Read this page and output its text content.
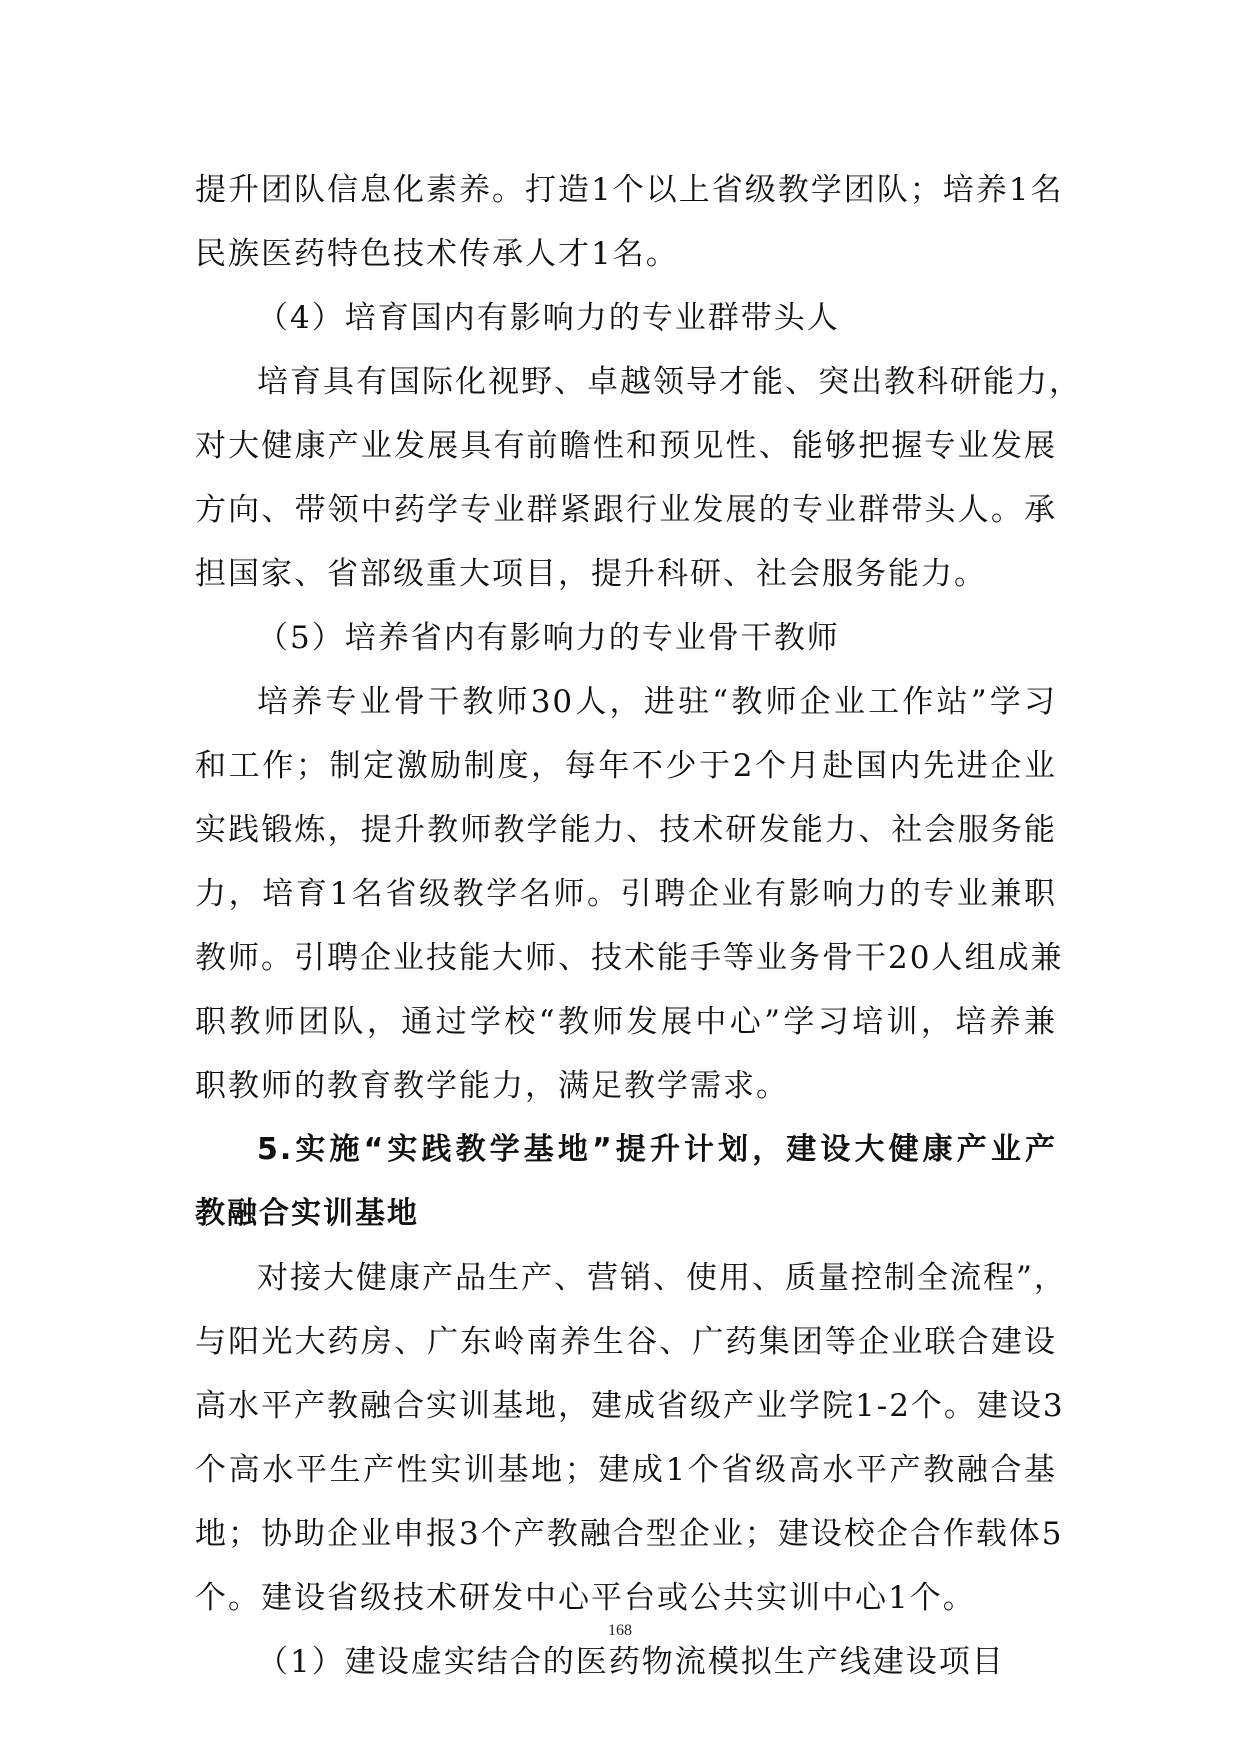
提升团队信息化素养。打造1个以上省级教学团队；培养1名
民族医药特色技术传承人才1名。
（4）培育国内有影响力的专业群带头人
培育具有国际化视野、卓越领导才能、突出教科研能力，
对大健康产业发展具有前瞻性和预见性、能够把握专业发展
方向、带领中药学专业群紧跟行业发展的专业群带头人。承
担国家、省部级重大项目，提升科研、社会服务能力。
（5）培养省内有影响力的专业骨干教师
培养专业骨干教师30人，进驻“教师企业工作站”学习
和工作；制定激励制度，每年不少于2个月赴国内先进企业
实践锻炼，提升教师教学能力、技术研发能力、社会服务能
力，培育1名省级教学名师。引聘企业有影响力的专业兼职
教师。引聘企业技能大师、技术能手等业务骨干20人组成兼
职教师团队，通过学校“教师发展中心”学习培训，培养兼
职教师的教育教学能力，满足教学需求。
5.实施“实践教学基地”提升计划，建设大健康产业产
教融合实训基地
对接大健康产品生产、营销、使用、质量控制全流程”，
与阳光大药房、广东岭南养生谷、广药集团等企业联合建设
高水平产教融合实训基地，建成省级产业学院1-2个。建设3
个高水平生产性实训基地；建成1个省级高水平产教融合基
地；协助企业申报3个产教融合型企业；建设校企合作载体5
个。建设省级技术研发中心平台或公共实训中心1个。
（1）建设虚实结合的医药物流模拟生产线建设项目
168
